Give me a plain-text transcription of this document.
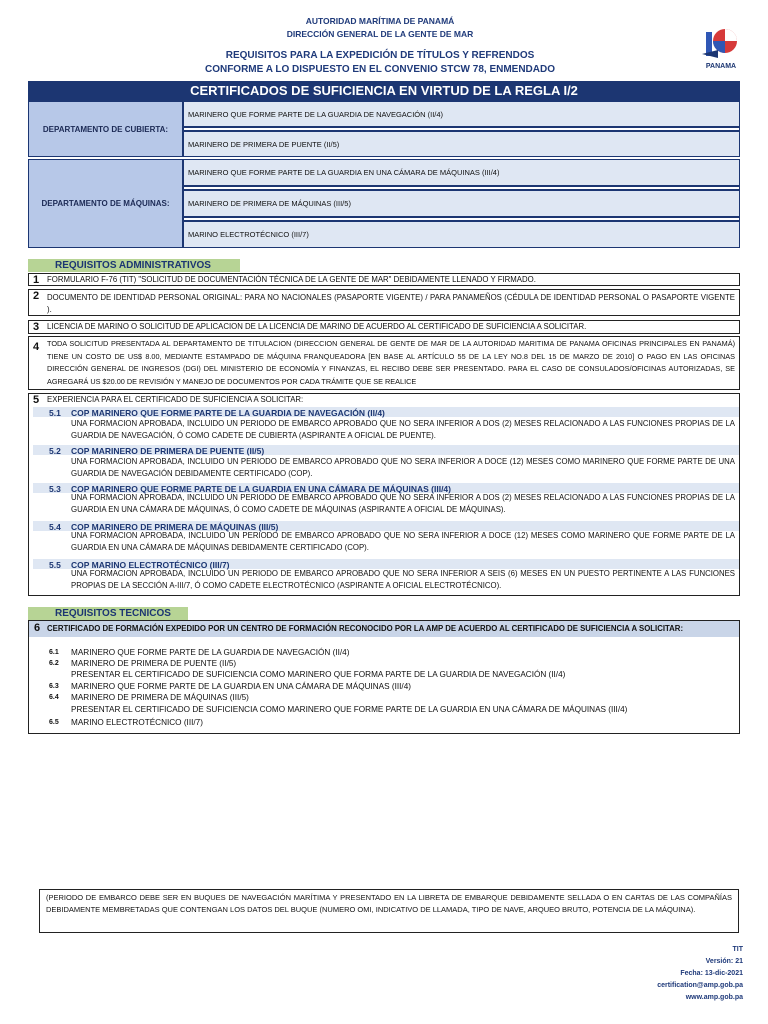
AUTORIDAD MARÍTIMA DE PANAMÁ
DIRECCIÓN GENERAL DE LA GENTE DE MAR
REQUISITOS PARA LA EXPEDICIÓN DE TÍTULOS Y REFRENDOS
CONFORME A LO DISPUESTO EN EL CONVENIO STCW 78, ENMENDADO	PANAMA
CERTIFICADOS DE SUFICIENCIA EN VIRTUD DE LA REGLA I/2
DEPARTAMENTO DE CUBIERTA:
MARINERO QUE FORME PARTE DE LA GUARDIA DE NAVEGACIÓN (II/4)
MARINERO DE PRIMERA DE PUENTE (II/5)
DEPARTAMENTO DE MÁQUINAS:
MARINERO QUE FORME PARTE DE LA GUARDIA EN UNA CÁMARA DE MÁQUINAS (III/4)
MARINERO DE PRIMERA DE MÁQUINAS (III/5)
MARINO ELECTROTÉCNICO (III/7)
REQUISITOS ADMINISTRATIVOS
1 FORMULARIO F-76 (TIT) "SOLICITUD DE DOCUMENTACIÓN TÉCNICA DE LA GENTE DE MAR" DEBIDAMENTE LLENADO Y FIRMADO.
2 DOCUMENTO DE IDENTIDAD PERSONAL ORIGINAL: PARA NO NACIONALES (PASAPORTE VIGENTE) / PARA PANAMEÑOS (CÉDULA DE IDENTIDAD PERSONAL O PASAPORTE VIGENTE ).
3 LICENCIA DE MARINO O SOLICITUD DE APLICACION DE LA LICENCIA DE MARINO DE ACUERDO AL CERTIFICADO DE SUFICIENCIA A SOLICITAR.
4 TODA SOLICITUD PRESENTADA AL DEPARTAMENTO DE TITULACION (DIRECCION GENERAL DE GENTE DE MAR DE LA AUTORIDAD MARITIMA DE PANAMA OFICINAS PRINCIPALES EN PANAMÁ) TIENE UN COSTO DE US$ 8.00, MEDIANTE ESTAMPADO DE MÁQUINA FRANQUEADORA [EN BASE AL ARTÍCULO 55 DE LA LEY NO.8 DEL 15 DE MARZO DE 2010] O PAGO EN LAS OFICINAS DIRECCIÓN GENERAL DE INGRESOS (DGI) DEL MINISTERIO DE ECONOMÍA Y FINANZAS, EL RECIBO DEBE SER PRESENTADO. PARA EL CASO DE CONSULADOS/OFICINAS AUTORIZADAS, SE AGREGARÁ US $20.00 DE REVISIÓN Y MANEJO DE DOCUMENTOS POR CADA TRÁMITE QUE SE REALICE
5 EXPERIENCIA PARA EL CERTIFICADO DE SUFICIENCIA A SOLICITAR:
5.1 COP MARINERO QUE FORME PARTE DE LA GUARDIA DE NAVEGACIÓN (II/4)
UNA FORMACION APROBADA, INCLUIDO UN PERIODO DE EMBARCO APROBADO QUE NO SERA INFERIOR A DOS (2) MESES RELACIONADO A LAS FUNCIONES PROPIAS DE LA GUARDIA DE NAVEGACIÓN, Ó COMO CADETE DE CUBIERTA (ASPIRANTE A OFICIAL DE PUENTE).
5.2 COP MARINERO DE PRIMERA DE PUENTE (II/5)
UNA FORMACION APROBADA, INCLUIDO UN PERIODO DE EMBARCO APROBADO QUE NO SERA INFERIOR A DOCE (12) MESES COMO MARINERO QUE FORME PARTE DE UNA GUARDIA DE NAVEGACIÓN DEBIDAMENTE CERTIFICADO (COP).
5.3 COP MARINERO QUE FORME PARTE DE LA GUARDIA EN UNA CÁMARA DE MÁQUINAS (III/4)
UNA FORMACION APROBADA, INCLUIDO UN PERIODO DE EMBARCO APROBADO QUE NO SERA INFERIOR A DOS (2) MESES RELACIONADO A LAS FUNCIONES PROPIAS DE LA GUARDIA EN UNA CÁMARA DE MÁQUINAS, Ó COMO CADETE DE MÁQUINAS (ASPIRANTE A OFICIAL DE MÁQUINAS).
5.4 COP MARINERO DE PRIMERA DE MÁQUINAS (III/5)
UNA FORMACION APROBADA, INCLUIDO UN PERIODO DE EMBARCO APROBADO QUE NO SERA INFERIOR A DOCE (12) MESES COMO MARINERO QUE FORME PARTE DE LA GUARDIA EN UNA CÁMARA DE MÁQUINAS DEBIDAMENTE CERTIFICADO (COP).
5.5 COP MARINO ELECTROTÉCNICO (III/7)
UNA FORMACION APROBADA, INCLUIDO UN PERIODO DE EMBARCO APROBADO QUE NO SERA INFERIOR A SEIS (6) MESES EN UN PUESTO PERTINENTE A LAS FUNCIONES PROPIAS DE LA SECCIÓN A-III/7, Ó COMO CADETE ELECTROTÉCNICO (ASPIRANTE A OFICIAL ELECTROTÉCNICO).
REQUISITOS TECNICOS
6 CERTIFICADO DE FORMACIÓN EXPEDIDO POR UN CENTRO DE FORMACIÓN RECONOCIDO POR LA AMP DE ACUERDO AL CERTIFICADO DE SUFICIENCIA A SOLICITAR:
6.1 MARINERO QUE FORME PARTE DE LA GUARDIA DE NAVEGACIÓN (II/4)
6.2 MARINERO DE PRIMERA DE PUENTE (II/5)
PRESENTAR EL CERTIFICADO DE SUFICIENCIA COMO MARINERO QUE FORMA PARTE DE LA GUARDIA DE NAVEGACIÓN (II/4)
6.3 MARINERO QUE FORME PARTE DE LA GUARDIA EN UNA CÁMARA DE MÁQUINAS (III/4)
6.4 MARINERO DE PRIMERA DE MÁQUINAS (III/5)
PRESENTAR EL CERTIFICADO DE SUFICIENCIA COMO MARINERO QUE FORME PARTE DE LA GUARDIA EN UNA CÁMARA DE MÁQUINAS (III/4)
6.5 MARINO ELECTROTÉCNICO (III/7)
(PERIODO DE EMBARCO DEBE SER EN BUQUES DE NAVEGACIÓN MARÍTIMA Y PRESENTADO EN LA LIBRETA DE EMBARQUE DEBIDAMENTE SELLADA O EN CARTAS DE LAS COMPAÑÍAS DEBIDAMENTE MEMBRETADAS QUE CONTENGAN LOS DATOS DEL BUQUE (NUMERO OMI, INDICATIVO DE LLAMADA, TIPO DE NAVE, ARQUEO BRUTO, POTENCIA DE LA MÁQUINA).
TIT
Versión: 21
Fecha: 13-dic-2021
certification@amp.gob.pa
www.amp.gob.pa
